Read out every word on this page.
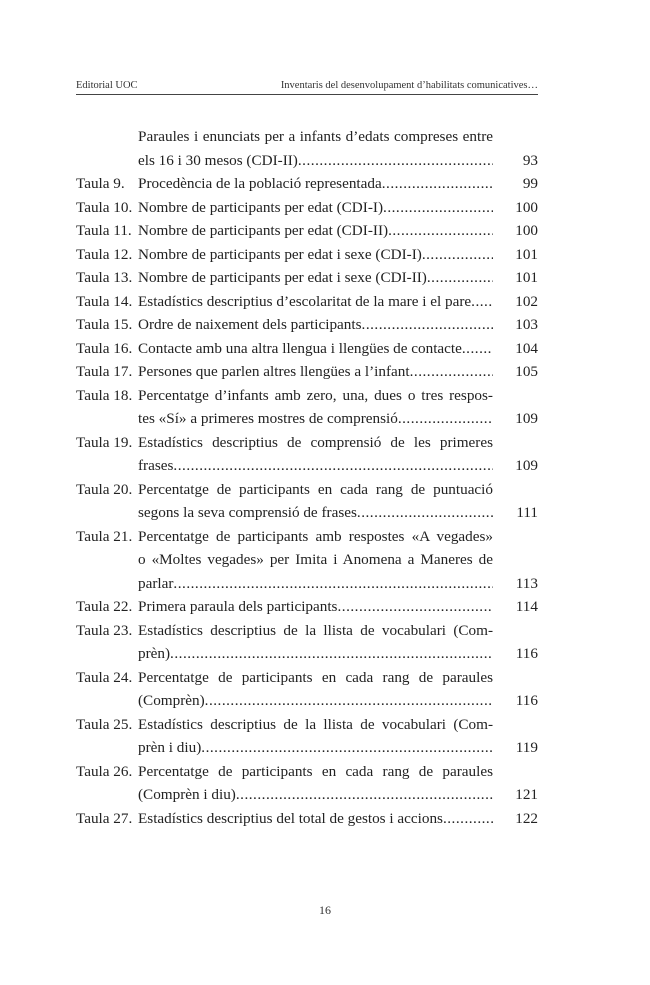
Editorial UOC	Inventaris del desenvolupament d’habilitats comunicatives…
Paraules i enunciats per a infants d’edats compreses entre
els 16 i 30 mesos (CDI-II) .....	93
Taula 9. Procedència de la població representada .....	99
Taula 10. Nombre de participants per edat (CDI-I) .....	100
Taula 11. Nombre de participants per edat (CDI-II) .....	100
Taula 12. Nombre de participants per edat i sexe (CDI-I) .....	101
Taula 13. Nombre de participants per edat i sexe (CDI-II) .....	101
Taula 14. Estadístics descriptius d’escolaritat de la mare i el pare .....	102
Taula 15. Ordre de naixement dels participants .....	103
Taula 16. Contacte amb una altra llengua i llengües de contacte .....	104
Taula 17. Persones que parlen altres llengües a l’infant .....	105
Taula 18. Percentatge d’infants amb zero, una, dues o tres respos-
tes «Sí» a primeres mostres de comprensió .....	109
Taula 19. Estadístics descriptius de comprensió de les primeres
frases .....	109
Taula 20. Percentatge de participants en cada rang de puntuació
segons la seva comprensió de frases .....	111
Taula 21. Percentatge de participants amb respostes «A vegades»
o «Moltes vegades» per Imita i Anomena a Maneres de
parlar .....	113
Taula 22. Primera paraula dels participants .....	114
Taula 23. Estadístics descriptius de la llista de vocabulari (Com-
prèn) .....	116
Taula 24. Percentatge de participants en cada rang de paraules
(Comprèn) .....	116
Taula 25. Estadístics descriptius de la llista de vocabulari (Com-
prèn i diu) .....	119
Taula 26. Percentatge de participants en cada rang de paraules
(Comprèn i diu) .....	121
Taula 27. Estadístics descriptius del total de gestos i accions .....	122
16
